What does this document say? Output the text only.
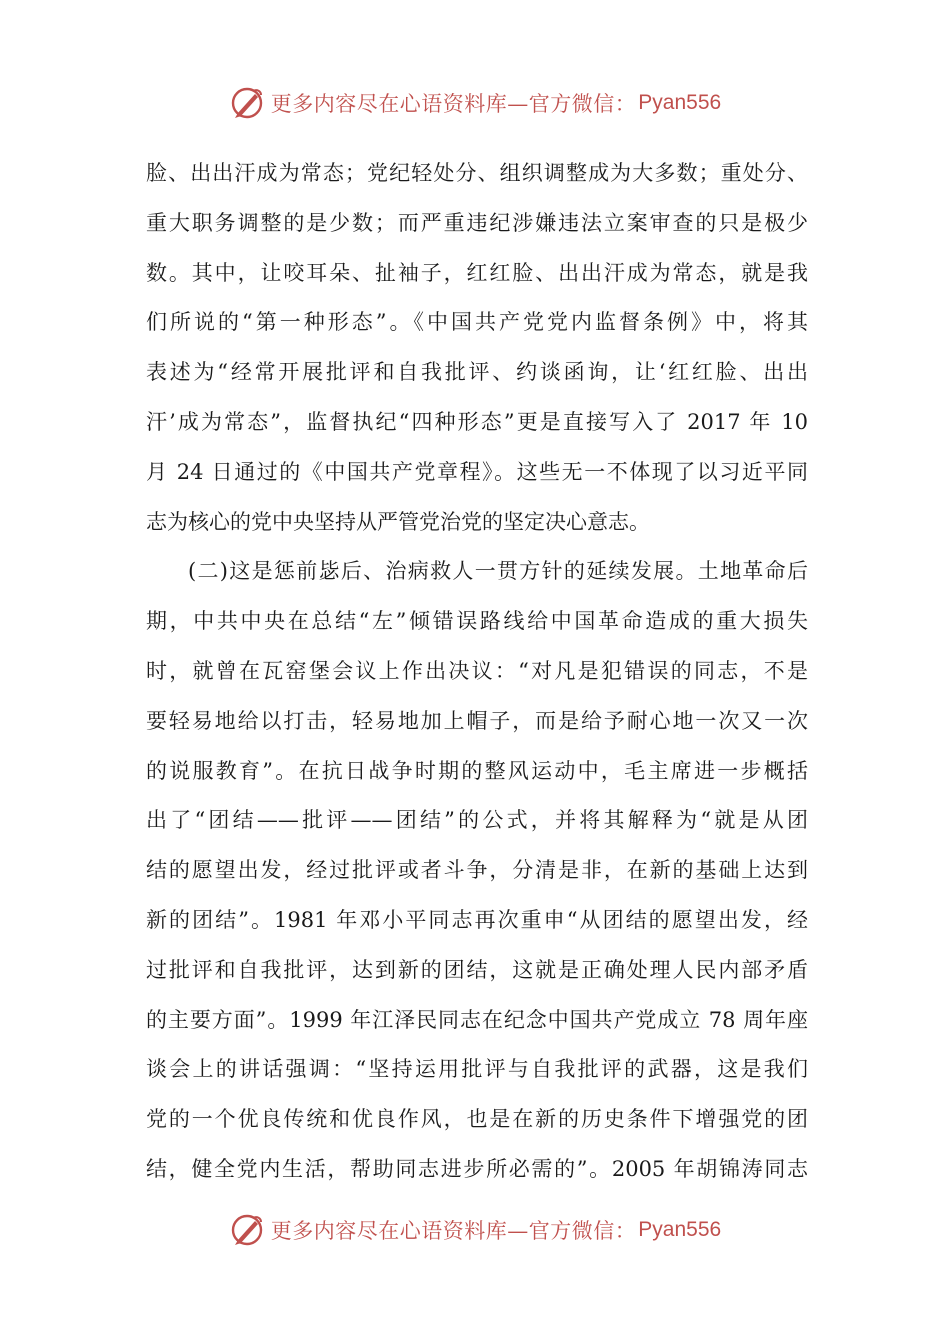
更多内容尽在心语资料库—官方微信： Pyan556
脸、出出汗成为常态；党纪轻处分、组织调整成为大多数；重处分、
重大职务调整的是少数；而严重违纪涉嫌违法立案审查的只是极少
数。其中，让咬耳朵、扯袖子，红红脸、出出汗成为常态，就是我
们所说的“第一种形态”。《中国共产党党内监督条例》中，将其
表述为“经常开展批评和自我批评、约谈函询，让‘红红脸、出出
汗’成为常态”，监督执纪“四种形态”更是直接写入了 2017 年 10
月 24 日通过的《中国共产党章程》。这些无一不体现了以习近平同
志为核心的党中央坚持从严管党治党的坚定决心意志。
(二)这是惩前毖后、治病救人一贯方针的延续发展。土地革命后
期，中共中央在总结“左”倾错误路线给中国革命造成的重大损失
时，就曾在瓦窑堡会议上作出决议：“对凡是犯错误的同志，不是
要轻易地给以打击，轻易地加上帽子，而是给予耐心地一次又一次
的说服教育”。在抗日战争时期的整风运动中，毛主席进一步概括
出了“团结——批评——团结”的公式，并将其解释为“就是从团
结的愿望出发，经过批评或者斗争，分清是非，在新的基础上达到
新的团结”。1981 年邓小平同志再次重申“从团结的愿望出发，经
过批评和自我批评，达到新的团结，这就是正确处理人民内部矛盾
的主要方面”。1999 年江泽民同志在纪念中国共产党成立 78 周年座
谈会上的讲话强调：“坚持运用批评与自我批评的武器，这是我们
党的一个优良传统和优良作风，也是在新的历史条件下增强党的团
结，健全党内生活，帮助同志进步所必需的”。2005 年胡锦涛同志
更多内容尽在心语资料库—官方微信： Pyan556
